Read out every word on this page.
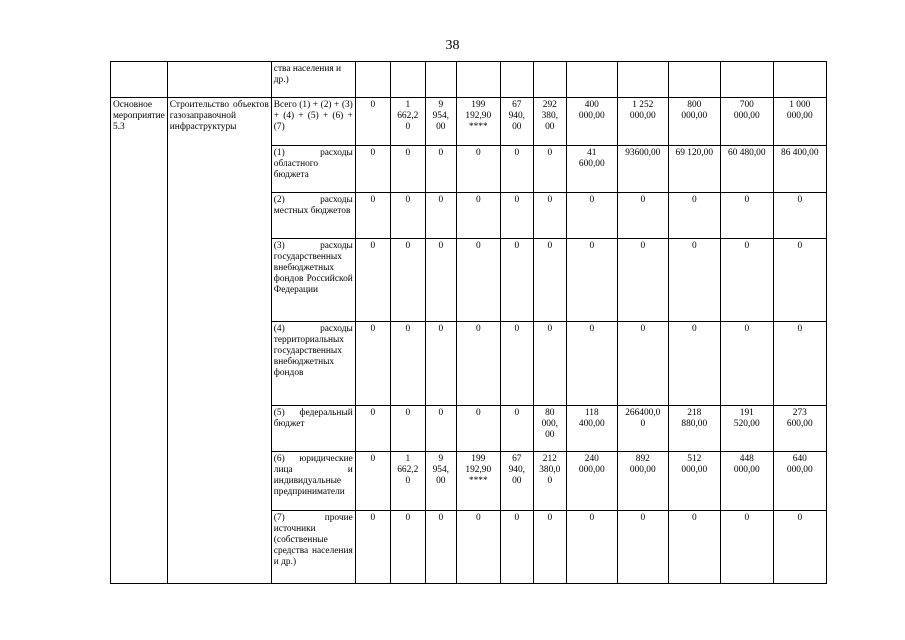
38
		ства населения и
др.)											
Основное
мероприятие 5.3	Строительство объектов газозаправочной инфраструктуры	Всего (1) + (2) + (3) + (4) + (5) + (6) + (7)	0	1
662,2
0	9
954,
00	199
192,90
****	67
940,
00	292
380,
00	400
000,00	1 252
000,00	800
000,00	700
000,00	1 000
000,00
		(1) расходы областного бюджета	0	0	0	0	0	0	41
600,00	93600,00	69 120,00	60 480,00	86 400,00
		(2) расходы местных бюджетов	0	0	0	0	0	0	0	0	0	0	0
		(3) расходы государственных внебюджетных фондов Российской Федерации	0	0	0	0	0	0	0	0	0	0	0
		(4) расходы территориальных государственных внебюджетных фондов	0	0	0	0	0	0	0	0	0	0	0
		(5) федеральный бюджет	0	0	0	0	0	80
000,
00	118
400,00	266400,0
0	218
880,00	191
520,00	273
600,00
		(6) юридические лица и индивидуальные предприниматели	0	1
662,2
0	9
954,
00	199
192,90
****	67
940,
00	212
380,0
0	240
000,00	892
000,00	512
000,00	448
000,00	640
000,00
		(7) прочие источники (собственные средства населения и др.)	0	0	0	0	0	0	0	0	0	0	0
